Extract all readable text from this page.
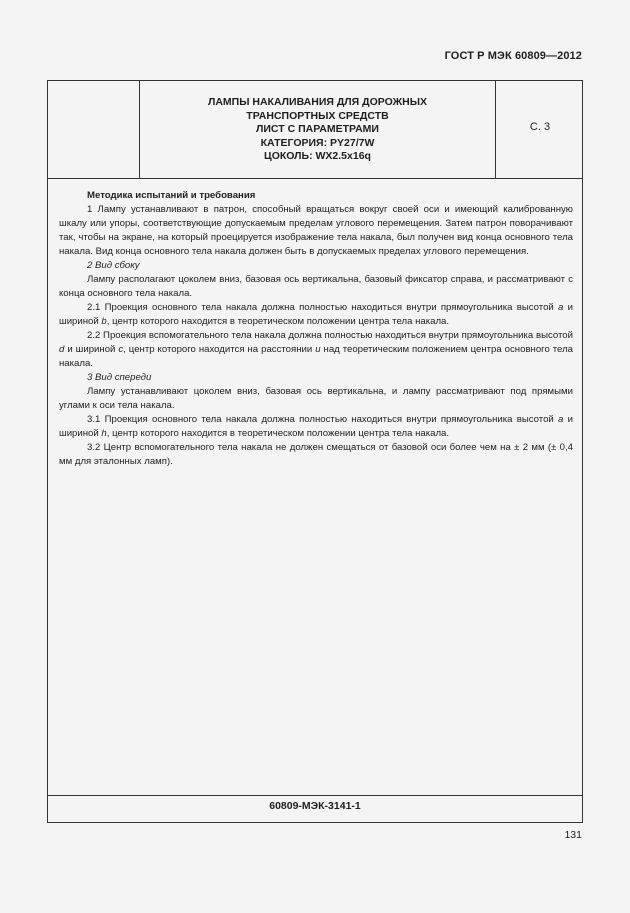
ГОСТ Р МЭК 60809—2012
ЛАМПЫ НАКАЛИВАНИЯ ДЛЯ ДОРОЖНЫХ
ТРАНСПОРТНЫХ СРЕДСТВ
ЛИСТ С ПАРАМЕТРАМИ
КАТЕГОРИЯ: PY27/7W
ЦОКОЛЬ: WX2.5x16q
С. 3

Методика испытаний и требования

1 Лампу устанавливают в патрон, способный вращаться вокруг своей оси и имеющий калиброванную шкалу или упоры, соответствующие допускаемым пределам углового перемещения. Затем патрон поворачивают так, чтобы на экране, на который проецируется изображение тела накала, был получен вид конца основного тела накала. Вид конца основного тела накала должен быть в допускаемых пределах углового перемещения.

2 Вид сбоку

Лампу располагают цоколем вниз, базовая ось вертикальна, базовый фиксатор справа, и рассматривают с конца основного тела накала.

2.1 Проекция основного тела накала должна полностью находиться внутри прямоугольника высотой а и шириной b, центр которого находится в теоретическом положении центра тела накала.

2.2 Проекция вспомогательного тела накала должна полностью находиться внутри прямоугольника высотой d и шириной с, центр которого находится на расстоянии u над теоретическим положением центра основного тела накала.

3 Вид спереди

Лампу устанавливают цоколем вниз, базовая ось вертикальна, и лампу рассматривают под прямыми углами к оси тела накала.

3.1 Проекция основного тела накала должна полностью находиться внутри прямоугольника высотой а и шириной h, центр которого находится в теоретическом положении центра тела накала.

3.2 Центр вспомогательного тела накала не должен смещаться от базовой оси более чем на ± 2 мм (± 0,4 мм для эталонных ламп).

60809-МЭК-3141-1
131
